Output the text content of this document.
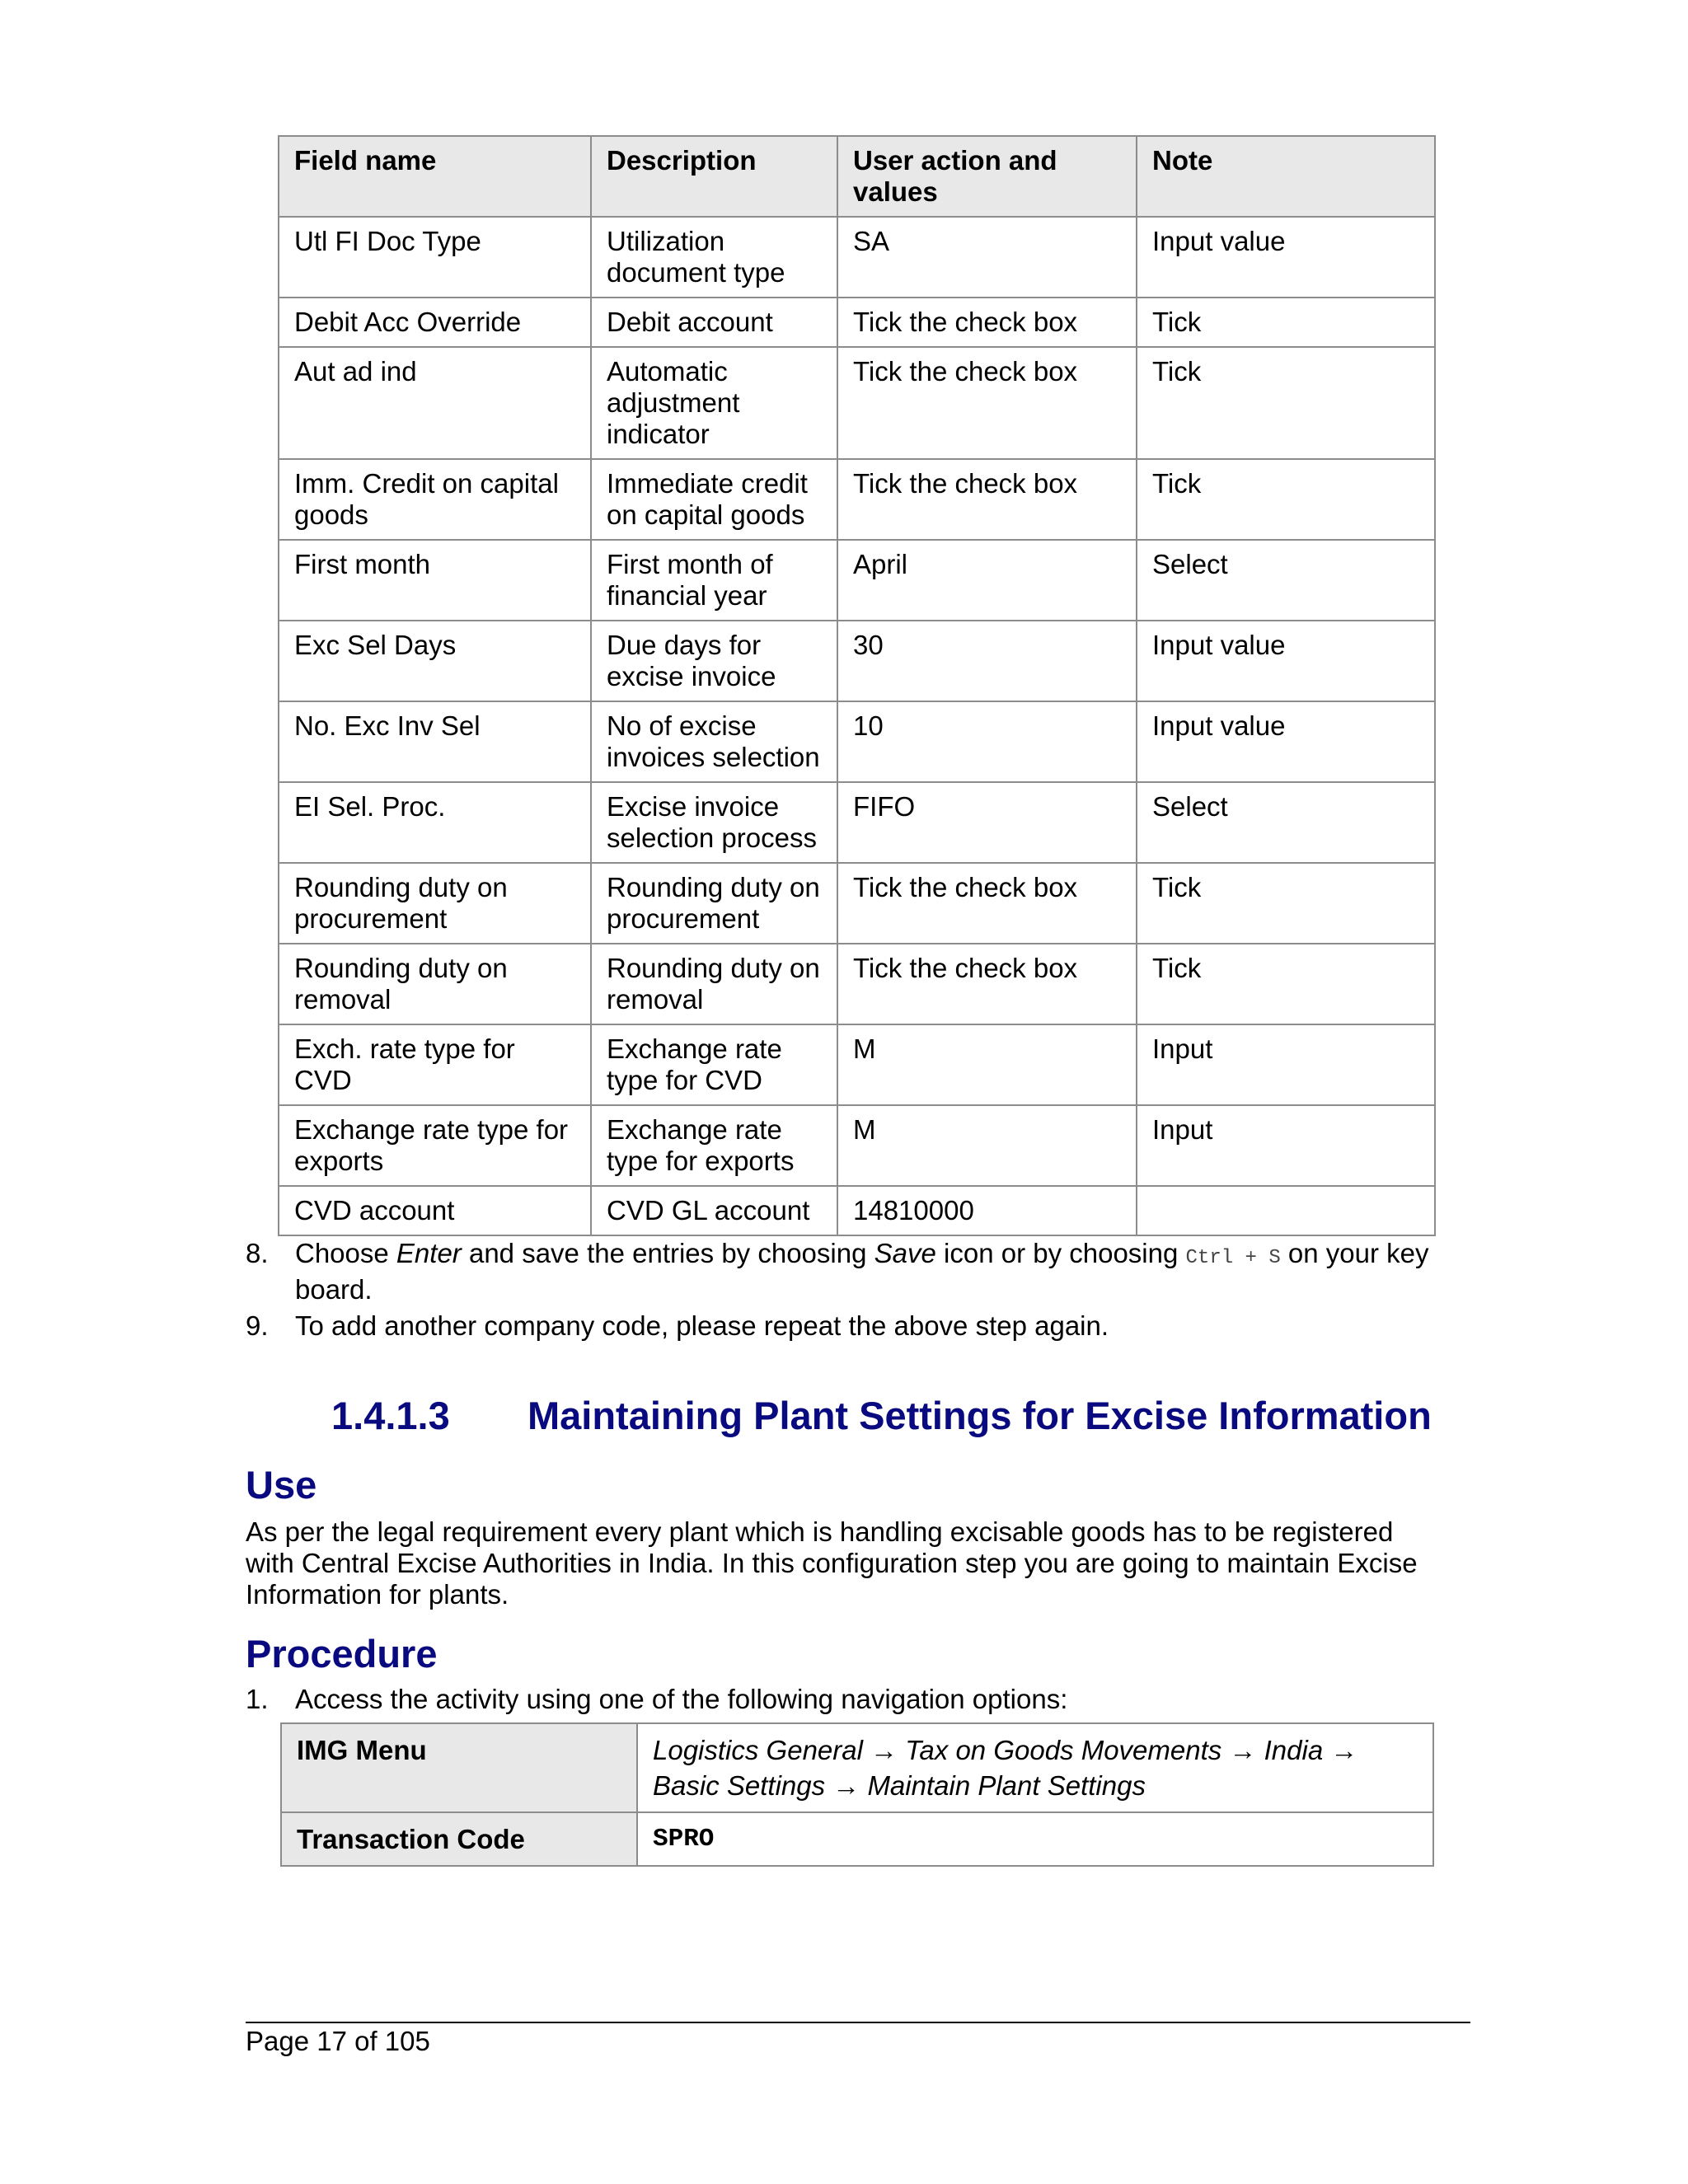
Field name	Description	User action and values	Note
Utl FI Doc Type	Utilization document type	SA	Input value
Debit Acc Override	Debit account	Tick the check box	Tick
Aut ad ind	Automatic adjustment indicator	Tick the check box	Tick
Imm. Credit on capital goods	Immediate credit on capital goods	Tick the check box	Tick
First month	First month of financial year	April	Select
Exc Sel Days	Due days for excise invoice	30	Input value
No. Exc Inv Sel	No of excise invoices selection	10	Input value
EI Sel. Proc.	Excise invoice selection process	FIFO	Select
Rounding duty on procurement	Rounding duty on procurement	Tick the check box	Tick
Rounding duty on removal	Rounding duty on removal	Tick the check box	Tick
Exch. rate type for CVD	Exchange rate type for CVD	M	Input
Exchange rate type for exports	Exchange rate type for exports	M	Input
CVD account	CVD GL account	14810000	
8. Choose Enter and save the entries by choosing Save icon or by choosing Ctrl + S on your key board.
9. To add another company code, please repeat the above step again.
1.4.1.3 Maintaining Plant Settings for Excise Information
Use

As per the legal requirement every plant which is handling excisable goods has to be registered with Central Excise Authorities in India. In this configuration step you are going to maintain Excise Information for plants.

Procedure
1. Access the activity using one of the following navigation options:
IMG Menu	Logistics General → Tax on Goods Movements → India → Basic Settings → Maintain Plant Settings
Transaction Code	SPRO
Page 17 of 105
